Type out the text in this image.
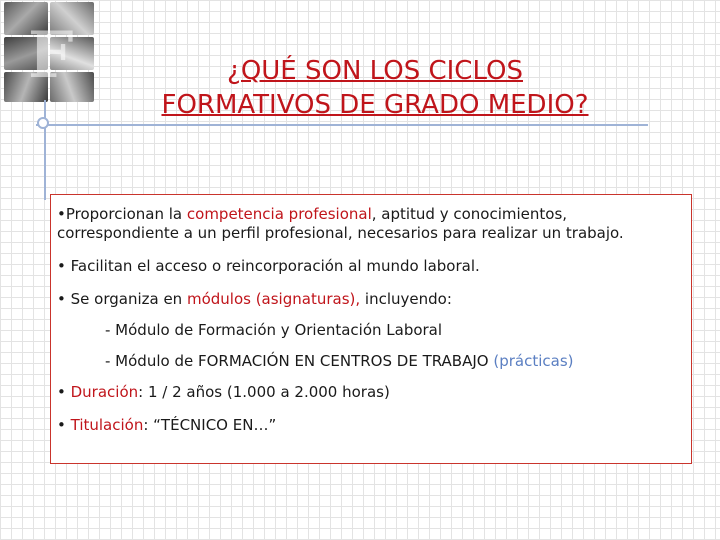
F	¿QUÉ SON LOS CICLOS
FORMATIVOS DE GRADO MEDIO?

•Proporcionan la competencia profesional, aptitud y conocimientos, correspondiente a un perfil profesional, necesarios para realizar un trabajo.

• Facilitan el acceso o reincorporación al mundo laboral.

• Se organiza en módulos (asignaturas), incluyendo:

- Módulo de Formación y Orientación Laboral

- Módulo de FORMACIÓN EN CENTROS DE TRABAJO (prácticas)

• Duración: 1 / 2 años (1.000 a 2.000 horas)

• Titulación: “TÉCNICO EN…”
